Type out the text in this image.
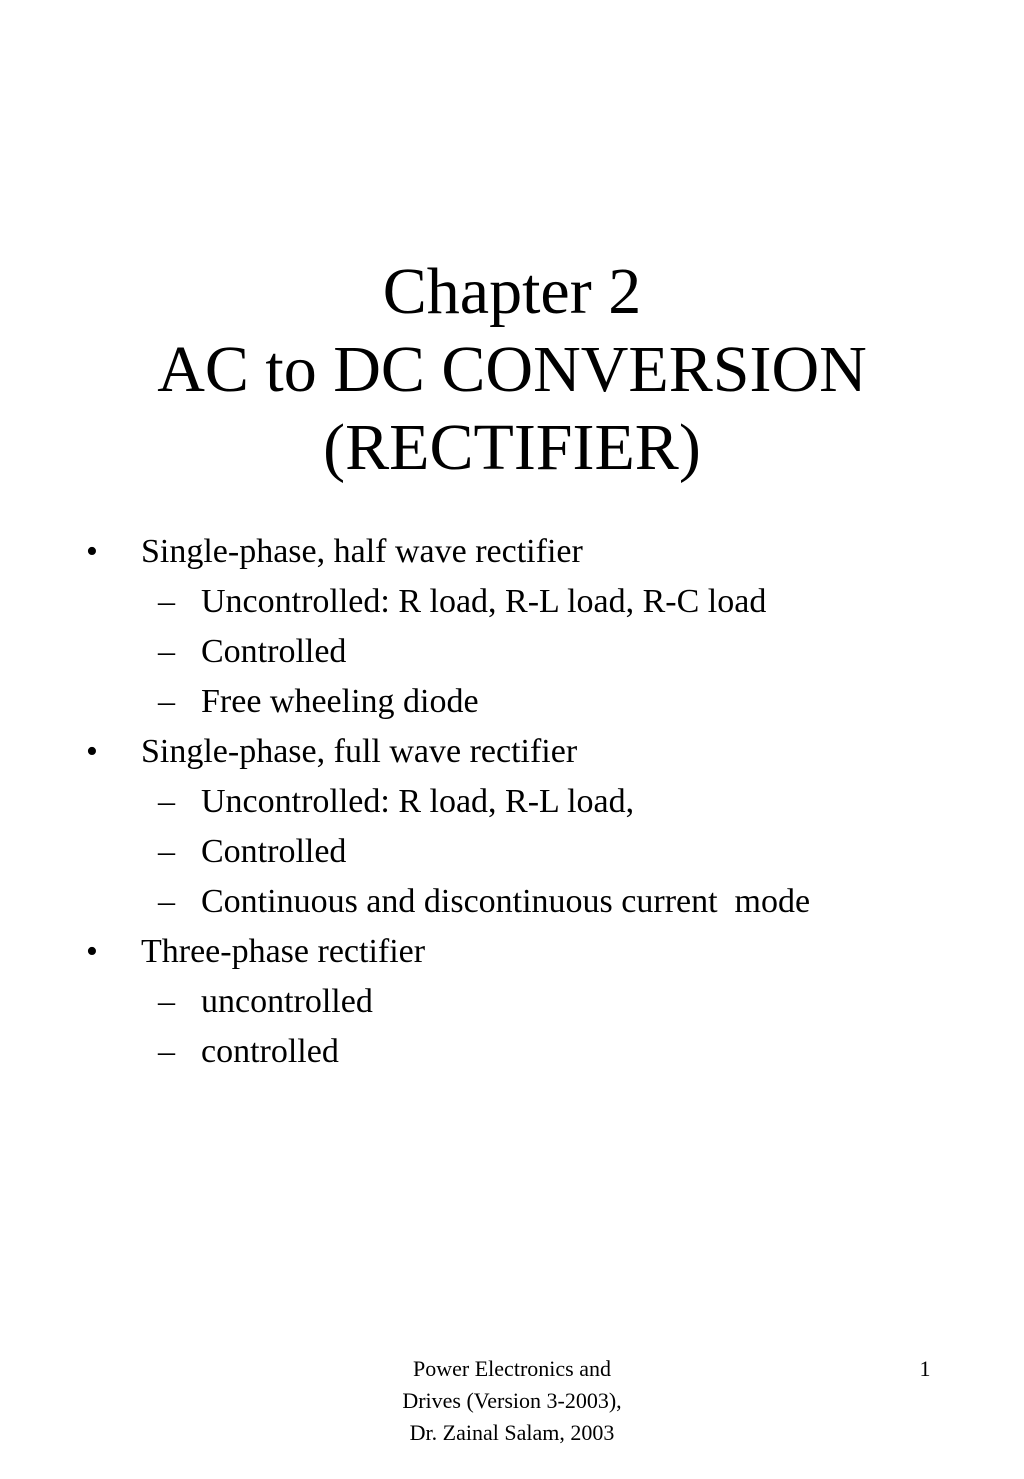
Chapter 2
AC to DC CONVERSION
(RECTIFIER)
• Single-phase, half wave rectifier
– Uncontrolled: R load, R-L load, R-C load
– Controlled
– Free wheeling diode
• Single-phase, full wave rectifier
– Uncontrolled: R load, R-L load,
– Controlled
– Continuous and discontinuous current  mode
• Three-phase rectifier
– uncontrolled
– controlled
Power Electronics and
Drives (Version 3-2003),
Dr. Zainal Salam, 2003
1
